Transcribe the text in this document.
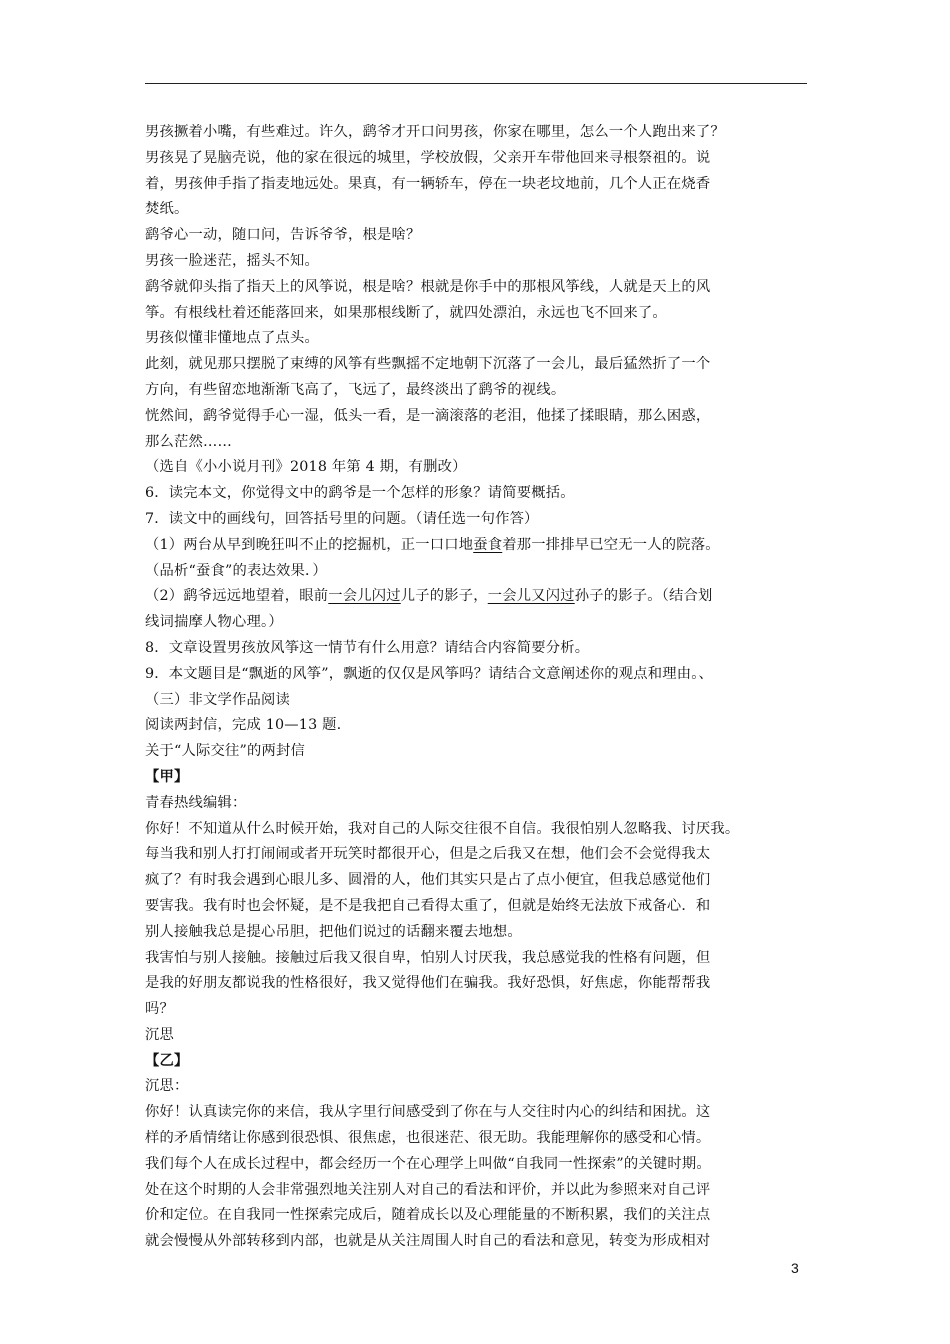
男孩撅着小嘴，有些难过。许久，鹞爷才开口问男孩，你家在哪里，怎么一个人跑出来了？

男孩晃了晃脑壳说，他的家在很远的城里，学校放假，父亲开车带他回来寻根祭祖的。说

着，男孩伸手指了指麦地远处。果真，有一辆轿车，停在一块老坟地前，几个人正在烧香

焚纸。

鹞爷心一动，随口问，告诉爷爷，根是啥？

男孩一脸迷茫，摇头不知。

鹞爷就仰头指了指天上的风筝说，根是啥？根就是你手中的那根风筝线，人就是天上的风

筝。有根线杜着还能落回来，如果那根线断了，就四处漂泊，永远也飞不回来了。

男孩似懂非懂地点了点头。

此刻，就见那只摆脱了束缚的风筝有些飘摇不定地朝下沉落了一会儿，最后猛然折了一个

方向，有些留恋地渐渐飞高了，飞远了，最终淡出了鹞爷的视线。

恍然间，鹞爷觉得手心一湿，低头一看，是一滴滚落的老泪，他揉了揉眼睛，那么困惑，

那么茫然……

（选自《小小说月刊》2018 年第 4 期，有删改）

6．读完本文，你觉得文中的鹞爷是一个怎样的形象？请简要概括。

7．读文中的画线句，回答括号里的问题。（请任选一句作答）

（1）两台从早到晚狂叫不止的挖掘机，正一口口地蚕食着那一排排早已空无一人的院落。

（品析“蚕食”的表达效果．）

（2）鹞爷远远地望着，眼前一会儿闪过儿子的影子，一会儿又闪过孙子的影子。（结合划

线词揣摩人物心理。）

8．文章设置男孩放风筝这一情节有什么用意？请结合内容简要分析。

9．本文题目是“飘逝的风筝”，飘逝的仅仅是风筝吗？请结合文意阐述你的观点和理由。、

（三）非文学作品阅读

阅读两封信，完成 10—13 题.

关于“人际交往”的两封信

【甲】

青春热线编辑：

你好！不知道从什么时候开始，我对自己的人际交往很不自信。我很怕别人忽略我、讨厌我。

每当我和别人打打闹闹或者开玩笑时都很开心，但是之后我又在想，他们会不会觉得我太

疯了？有时我会遇到心眼儿多、圆滑的人，他们其实只是占了点小便宜，但我总感觉他们

要害我。我有时也会怀疑，是不是我把自己看得太重了，但就是始终无法放下戒备心．和

别人接触我总是提心吊胆，把他们说过的话翻来覆去地想。

我害怕与别人接触。接触过后我又很自卑，怕别人讨厌我，我总感觉我的性格有问题，但

是我的好朋友都说我的性格很好，我又觉得他们在骗我。我好恐惧，好焦虑，你能帮帮我

吗？

沉思

【乙】

沉思：

你好！认真读完你的来信，我从字里行间感受到了你在与人交往时内心的纠结和困扰。这

样的矛盾情绪让你感到很恐惧、很焦虑，也很迷茫、很无助。我能理解你的感受和心情。

我们每个人在成长过程中，都会经历一个在心理学上叫做“自我同一性探索”的关键时期。

处在这个时期的人会非常强烈地关注别人对自己的看法和评价，并以此为参照来对自己评

价和定位。在自我同一性探索完成后，随着成长以及心理能量的不断积累，我们的关注点

就会慢慢从外部转移到内部，也就是从关注周围人时自己的看法和意见，转变为形成相对

3
